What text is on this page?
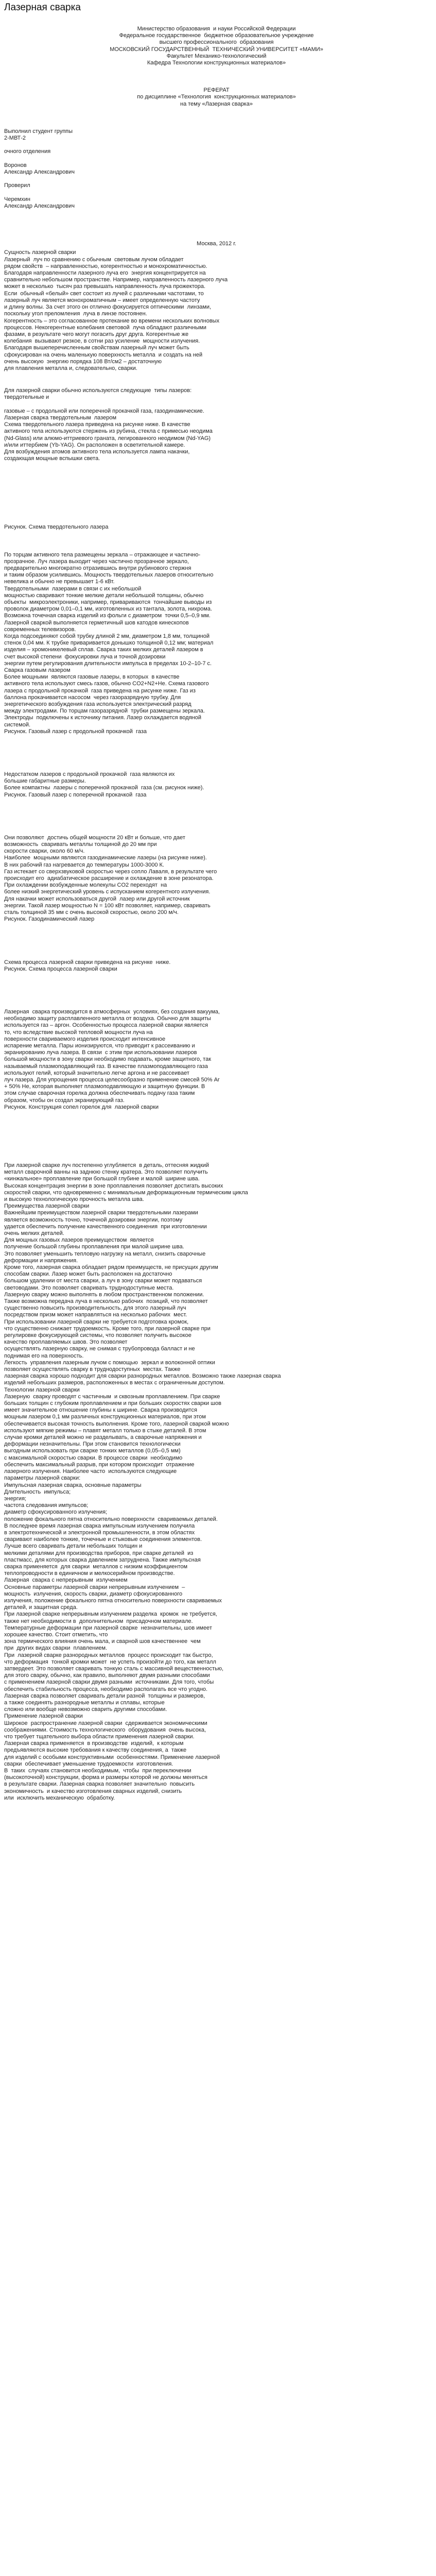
Лазерная сварка
Министерство образования  и науки Российской Федерации
Федеральное государственное  бюджетное образовательное учреждение
высшего профессионального  образования
МОСКОВСКИЙ ГОСУДАРСТВЕННЫЙ  ТЕХНИЧЕСКИЙ УНИВЕРСИТЕТ «МАМИ»
Факультет Механико-технологический
Кафедра Технологии конструкционных материалов»
РЕФЕРАТ
по дисциплине «Технология  конструкционных материалов»
на тему «Лазерная сварка»
Выполнил студент группы
2-МВТ-2

очного отделения

Воронов
Александр Александрович

Проверил

Черемхин
Александр Александрович
Москва, 2012 г.
Сущность лазерной сварки
Лазерный  луч по сравнению с обычным  световым лучом обладает
рядом свойств  – направленностью, когерентностью и монохроматичностью.
Благодаря направленности лазерного луча его  энергия концентрируется на
сравнительно небольшом пространстве. Например, направленность лазерного луча
может в несколько  тысяч раз превышать направленность луча прожектора.
Если  обычный «белый» свет состоит из лучей с различными частотами, то
лазерный луч является монохроматичным – имеет определенную частоту
и длину волны. За счет этого он отлично фокусируется оптическими  линзами,
посколькy угол преломления  луча в линзе постоянен.
Когерентность – это согласованное протекание во времени нескольких волновых
процессов. Некогерентные колебания световой  луча обладают различными
фазами, в результате чего могут погасить друг друга. Когерентные же
колебания  вызывают резкое, в сотни раз усиление  мощности излучения.
Благодаря вышеперечисленным свойствам лазерный луч может быть
сфокусирован на очень маленькую поверхность металла  и создать на ней
очень высокую  энергию порядка 108 Вт/см2 – достаточную
для плавления металла и, следовательно, сварки.
Для лазерной сварки обычно используются следующие  типы лазеров:
твердотельные и

газовые – с продольной или поперечной прокачкой газа, газодинамические.
Лазерная сварка твердотельным  лазером
Схема твердотельного лазера приведена на рисунке ниже. В качестве
активного тела используются стержень из рубина, стекла с примесью неодима
(Nd-Glass) или алюмо-иттриевого граната, легированного неодимом (Nd-YAG)
и/или иттербием (Yb-YAG). Он расположен в осветительной камере.
Для возбуждения атомов активного тела используется лампа накачки,
создающая мощные вспышки света.
Рисунок. Схема твердотельного лазера
По торцам активного тела размещены зеркала – отражающее и частично-
прозрачное. Луч лазера выходит через частично прозрачное зеркало,
предварительно многократно отразившись внутри рубинового стержня
и таким образом усилившись. Мощность твердотельных лазеров относительно
невелика и обычно не превышает 1-6 кВт.
Твердотельными  лазерами в связи с их небольшой
мощностью сваривают тонкие мелкие детали небольшой толщины, обычно
объекты  микроэлектроники, например, привариваются  тончайшие выводы из
проволок диаметром 0,01–0,1 мм, изготовленных из тантала, золота, нихрома.
Возможна точечная сварка изделий из фольги с диаметром  точки 0,5–0,9 мм.
Лазерной сваркой выполняется герметичный шов катодов кинескопов
современных телевизоров.
Когда подсоединяют собой трубку длиной 2 мм, диаметром 1,8 мм, толщиной
стенок 0,04 мм. К трубке приваривается донышко толщиной 0,12 мм; материал
изделия – хромоникелевый сплав. Сварка таких мелких деталей лазером в
счет высокой степени  фокусировки луча и точной дозировки
энергии путем регулирования длительности импульса в пределах 10-2–10-7 с.
Сварка газовым лазером
Более мощными  являются газовые лазеры, в которых  в качестве
активного тела используют смесь газов, обычно CO2+N2+He. Схема газового
лазера с продольной прокачкой  газа приведена на рисунке ниже. Газ из
баллона прокачивается насосом  через газоразрядную трубку. Для
энергетического возбуждения газа используется электрический разряд
между электродами. По торцам газоразрядной  трубки размещены зеркала.
Электроды  подключены к источнику питания. Лазер охлаждается водяной
системой.
Рисунок. Газовый лазер с продольной прокачкой  газа
Недостатком лазеров с продольной прокачкой  газа являются их
большие габаритные размеры.
Более компактны  лазеры с поперечной прокачкой  газа (см. рисунок ниже).
Рисунок. Газовый лазер с поперечной прокачкой  газа
Они позволяют  достичь общей мощности 20 кВт и больше, что дает
возможность  сваривать металлы толщиной до 20 мм при
скорости сварки, около 60 м/ч.
Наиболее  мощными являются газодинамические лазеры (на рисунке ниже).
В них рабочий газ нагревается до температуры 1000-3000 К.
Газ истекает со сверхзвуковой скоростью через сопло Лаваля, в результате чего
происходит его  адиабатическое расширение и охлаждение в зоне резонатора.
При охлаждении возбужденные молекулы CO2 переходят  на
более низкий энергетический уровень с испусканием когерентного излучения.
Для накачки может использоваться другой  лазер или другой источник
энергии. Такой лазер мощностью N = 100 кВт позволяет, например, сваривать
сталь толщиной 35 мм с очень высокой скоростью, около 200 м/ч.
Рисунок. Газодинамический лазер
Схема процесса лазерной сварки приведена на рисунке  ниже.
Рисунок. Схема процесса лазерной сварки
Лазерная  сварка производится в атмосферных  условиях, без создания вакуума,
необходимо защиту расплавленного металла от воздуха. Обычно для защиты
используется газ – аргон. Особенностью процесса лазерной сварки является
то, что вследствие высокой тепловой мощности луча на
поверхности свариваемого изделия происходит интенсивное
испарение металла. Пары ионизируются, что приводит к рассеиванию и
экранированию луча лазера. В связи  с этим при использовании лазеров
большой мощности в зону сварки необходимо подавать, кроме защитного, так
называемый плазмоподавляющий газ. В качестве плазмоподавляющего газа
используют гелий, который значительно легче аргона и не рассеивает
луч лазера. Для упрощения процесса целесообразно применение смесей 50% Ar
+ 50% He, которая выполняет плазмоподавляющую и защитную функции. В
этом случае сварочная горелка должна обеспечивать подачу газа таким
образом, чтобы он создал экранирующий газ.
Рисунок. Конструкция сопел горелок для  лазерной сварки
При лазерной сварке луч постепенно углубляется  в деталь, оттесняя жидкий
металл сварочной ванны на заднюю стенку кратера. Это позволяет получить
«кинжальное» проплавление при большой глубине и малой  ширине шва.
Высокая концентрация энергии в зоне проплавления позволяет достигать высоких
скоростей сварки, что одновременно с минимальным деформационным термическим цикла
и высокую технологическую прочность металла шва.
Преимущества лазерной сварки
Важнейшим преимуществом лазерной сварки твердотельными лазерами
является возможность точно, точечной дозировки энергии, поэтому
удается обеспечить получение качественного соединения  при изготовлении
очень мелких деталей.
Для мощных газовых лазеров преимуществом  является
получение большой глубины проплавления при малой ширине шва.
Это позволяет уменьшить тепловую нагрузку на металл, снизить сварочные
деформации и напряжения.
Кроме того, лазерная сварка обладает рядом преимуществ, не присущих другим
способам сварки. Лазер может быть расположен на достаточно
большом удалении от места сварки, а луч в зону сварки может подаваться
световодами. Это позволяет сваривать труднодоступные места.
Лазерную сварку можно выполнять в любом пространственном положении.
Также возможна передача луча в несколько рабочих  позиций, что позволяет
существенно повысить производительность, для этого лазерный луч
посредством призм может направляться на несколько рабочих  мест.
При использовании лазерной сварки не требуется подготовка кромок,
что существенно снижает трудоемкость. Кроме того, при лазерной сварке при
регулировке фокусирующей системы, что позволяет получить высокое
качество проплавляемых швов. Это позволяет
осуществлять лазерную сварку, не снимая с трубопровода балласт и не
поднимая его на поверхность.
Легкость  управления лазерным лучом с помощью  зеркал и волоконной оптики
позволяет осуществлять сварку в труднодоступных  местах. Также
лазерная сварка хорошо подходит для сварки разнородных металлов. Возможно также лазерная сварка
изделий небольших размеров, расположенных в местах с ограниченным доступом.
Технологии лазерной сварки
Лазерную  сварку проводят с частичным  и сквозным проплавлением. При сварке
больших толщин с глубоким проплавлением и при больших скоростях сварки шов
имеет значительное отношение глубины к ширине. Сварка производится
мощным лазером 0,1 мм различных конструкционных материалов, при этом
обеспечивается высокая точность выполнения. Кроме того, лазерной сваркой можно
используют мягкие режимы – плавят металл только в стыке деталей. В этом
случае кромки деталей можно не разделывать, а сварочные напряжения и
деформации незначительны. При этом становится технологически
выгодным использовать при сварке тонких металлов (0,05–0,5 мм)
с максимальной скоростью сварки. В процессе сварки  необходимо
обеспечить максимальный разрыв, при котором происходит  отражение
лазерного излучения. Наиболее часто  используются следующие
параметры лазерной сварки:
Импульсная лазерная сварка, основные параметры
Длительность  импульса;
энергия;
частота следования импульсов;
диаметр сфокусированного излучения;
положение фокального пятна относительно поверхности  свариваемых деталей.
В последнее время лазерная сварка импульсным излучением получила
в электротехнической и электронной промышленности, в этом областях
сваривают наиболее тонкие, точечные и стыковые соединения элементов.
Лучше всего сваривать детали небольших толщин и
мелкими деталями для производства приборов, при сварке деталей  из
пластмасс, для которых сварка давлением затруднена. Также импульсная
сварка применяется  для сварки  металлов с низким коэффициентом
теплопроводности в единичном и мелкосерийном производстве.
Лазерная  сварка с непрерывным  излучением
Основные параметры лазерной сварки непрерывным излучением  –
мощность  излучения, скорость сварки, диаметр сфокусированного
излучения, положение фокального пятна относительно поверхности свариваемых
деталей, и защитная среда.
При лазерной сварке непрерывным излучением разделка  кромок  не требуется,
также нет необходимости в  дополнительном  присадочном материале.
Температурные деформации при лазерной сварке  незначительны, шов имеет
хорошее качество. Стоит отметить, что
зона термического влияния очень мала, и сварной шов качественнее  чем
при  других видах сварки  плавлением.
При  лазерной сварке разнородных металлов  процесс происходит так быстро,
что деформация  тонкой кромки может  не успеть произойти до того, как металл
затвердеет. Это позволяет сваривать тонкую сталь с массивной вещественностью,
для этого сварку, обычно, как правило, выполняют двумя разными способами
с применением лазерной сварки двумя разными  источниками. Для того, чтобы
обеспечить стабильность процесса, необходимо располагать все что угодно.
Лазерная сварка позволяет сваривать детали разной  толщины и размеров,
а также соединять разнородные металлы и сплавы, которые
сложно или вообще невозможно сварить другими способами.
Применение лазерной сварки
Широкое  распространение лазерной сварки  сдерживается экономическими
соображениями. Стоимость технологического  оборудования  очень высока,
что требует тщательного выбора области применения лазерной сварки.
Лазерная сварка применяется  в производстве  изделий,  к которым
предъявляются высокие требования к качеству соединения, а  также
для изделий с особыми конструктивными  особенностями. Применение лазерной
сварки  обеспечивает уменьшение трудоемкости  изготовления.
В  таких  случаях становится необходимым,  чтобы  при переключении
(высокоточной) конструкции, форма и размеры которой не должны меняться
в результате сварки. Лазерная сварка позволяет значительно  повысить
экономичность  и качество изготовления сварных изделий, снизить
или  исключить механическую  обработку.
